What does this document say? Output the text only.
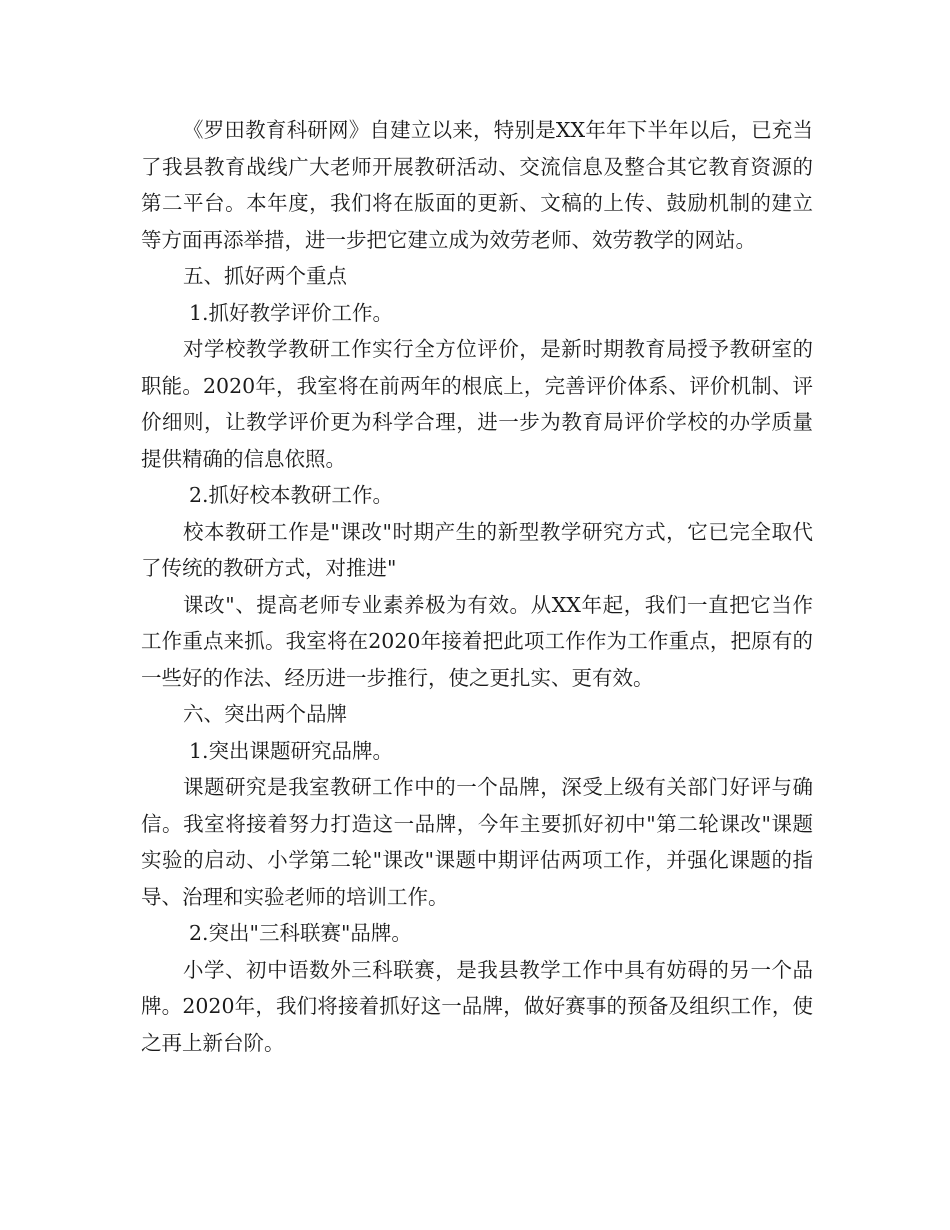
《罗田教育科研网》自建立以来，特别是XX年年下半年以后，已充当了我县教育战线广大老师开展教研活动、交流信息及整合其它教育资源的第二平台。本年度，我们将在版面的更新、文稿的上传、鼓励机制的建立等方面再添举措，进一步把它建立成为效劳老师、效劳教学的网站。

五、抓好两个重点

1.抓好教学评价工作。

对学校教学教研工作实行全方位评价，是新时期教育局授予教研室的职能。2020年，我室将在前两年的根底上，完善评价体系、评价机制、评价细则，让教学评价更为科学合理，进一步为教育局评价学校的办学质量提供精确的信息依照。

2.抓好校本教研工作。

校本教研工作是"课改"时期产生的新型教学研究方式，它已完全取代了传统的教研方式，对推进"

课改"、提高老师专业素养极为有效。从XX年起，我们一直把它当作工作重点来抓。我室将在2020年接着把此项工作作为工作重点，把原有的一些好的作法、经历进一步推行，使之更扎实、更有效。

六、突出两个品牌

1.突出课题研究品牌。

课题研究是我室教研工作中的一个品牌，深受上级有关部门好评与确信。我室将接着努力打造这一品牌，今年主要抓好初中"第二轮课改"课题实验的启动、小学第二轮"课改"课题中期评估两项工作，并强化课题的指导、治理和实验老师的培训工作。

2.突出"三科联赛"品牌。

小学、初中语数外三科联赛，是我县教学工作中具有妨碍的另一个品牌。2020年，我们将接着抓好这一品牌，做好赛事的预备及组织工作，使之再上新台阶。
